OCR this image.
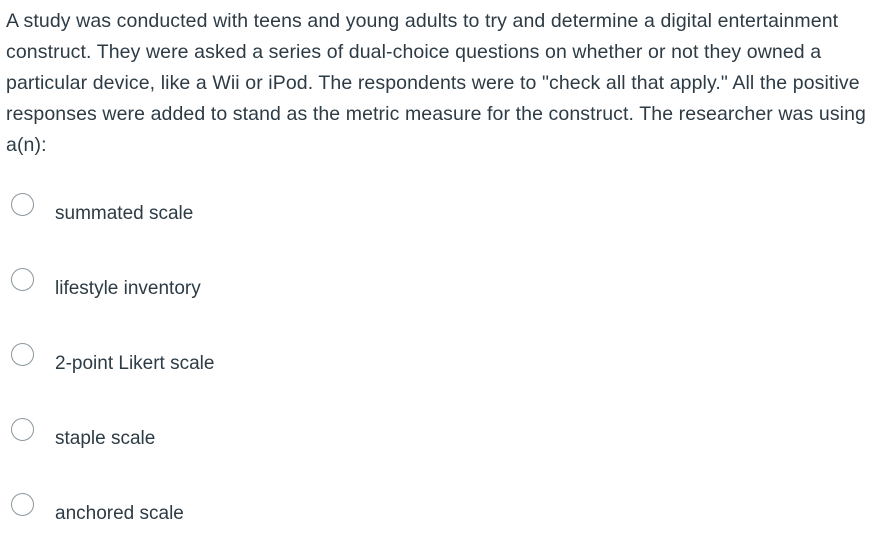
A study was conducted with teens and young adults to try and determine a digital entertainment construct. They were asked a series of dual-choice questions on whether or not they owned a particular device, like a Wii or iPod. The respondents were to "check all that apply." All the positive responses were added to stand as the metric measure for the construct. The researcher was using a(n):

summated scale
lifestyle inventory
2-point Likert scale
staple scale
anchored scale
